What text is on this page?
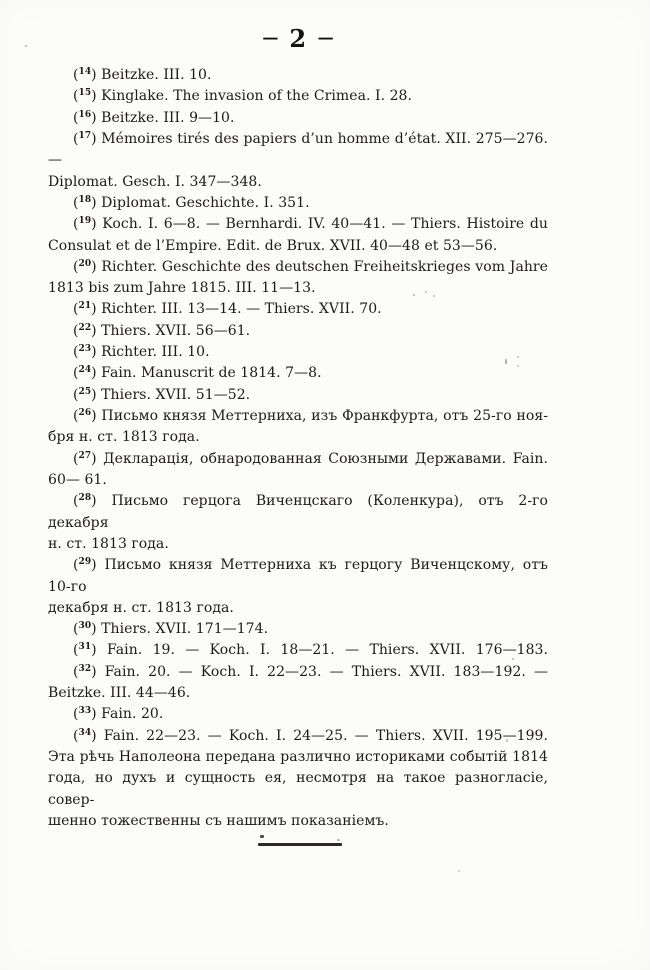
— 2 —
($^{14}$) Beitzke. III. 10.
($^{15}$) Kinglake. The invasion of the Crimea. I. 28.
($^{16}$) Beitzke. III. 9—10.
($^{17}$) Mémoires tirés des papiers d’un homme d’état. XII. 275—276.—
Diplomat. Gesch. I. 347—348.
($^{18}$) Diplomat. Geschichte. I. 351.
($^{19}$) Koch. I. 6—8. — Bernhardi. IV. 40—41. — Thiers. Histoire du
Consulat et de l’Empire. Edit. de Brux. XVII. 40—48 et 53—56.
($^{20}$) Richter. Geschichte des deutschen Freiheitskrieges vom Jahre
1813 bis zum Jahre 1815. III. 11—13.
($^{21}$) Richter. III. 13—14. — Thiers. XVII. 70.
($^{22}$) Thiers. XVII. 56—61.
($^{23}$) Richter. III. 10.
($^{24}$) Fain. Manuscrit de 1814. 7—8.
($^{25}$) Thiers. XVII. 51—52.
($^{26}$) Письмо князя Меттерниха, изъ Франкфурта, отъ 25-го ноя-
бря н. ст. 1813 года.
($^{27}$) Декларація, обнародованная Союзными Державами. Fain.
60— 61.
($^{28}$) Письмо герцога Виченцскаго (Коленкура), отъ 2-го декабря
н. ст. 1813 года.
($^{29}$) Письмо князя Меттерниха къ герцогу Виченцскому, отъ 10-го
декабря н. ст. 1813 года.
($^{30}$) Thiers. XVII. 171—174.
($^{31}$) Fain. 19. — Koch. I. 18—21. — Thiers. XVII. 176—183.
($^{32}$) Fain. 20. — Koch. I. 22—23. — Thiers. XVII. 183—192. —
Beitzke. III. 44—46.
($^{33}$) Fain. 20.
($^{34}$) Fain. 22—23. — Koch. I. 24—25. — Thiers. XVII. 195—199.
Эта рѣчь Наполеона передана различно историками событій 1814
года, но духъ и сущность ея, несмотря на такое разногласіе, совер-
шенно тожественны съ нашимъ показаніемъ.
